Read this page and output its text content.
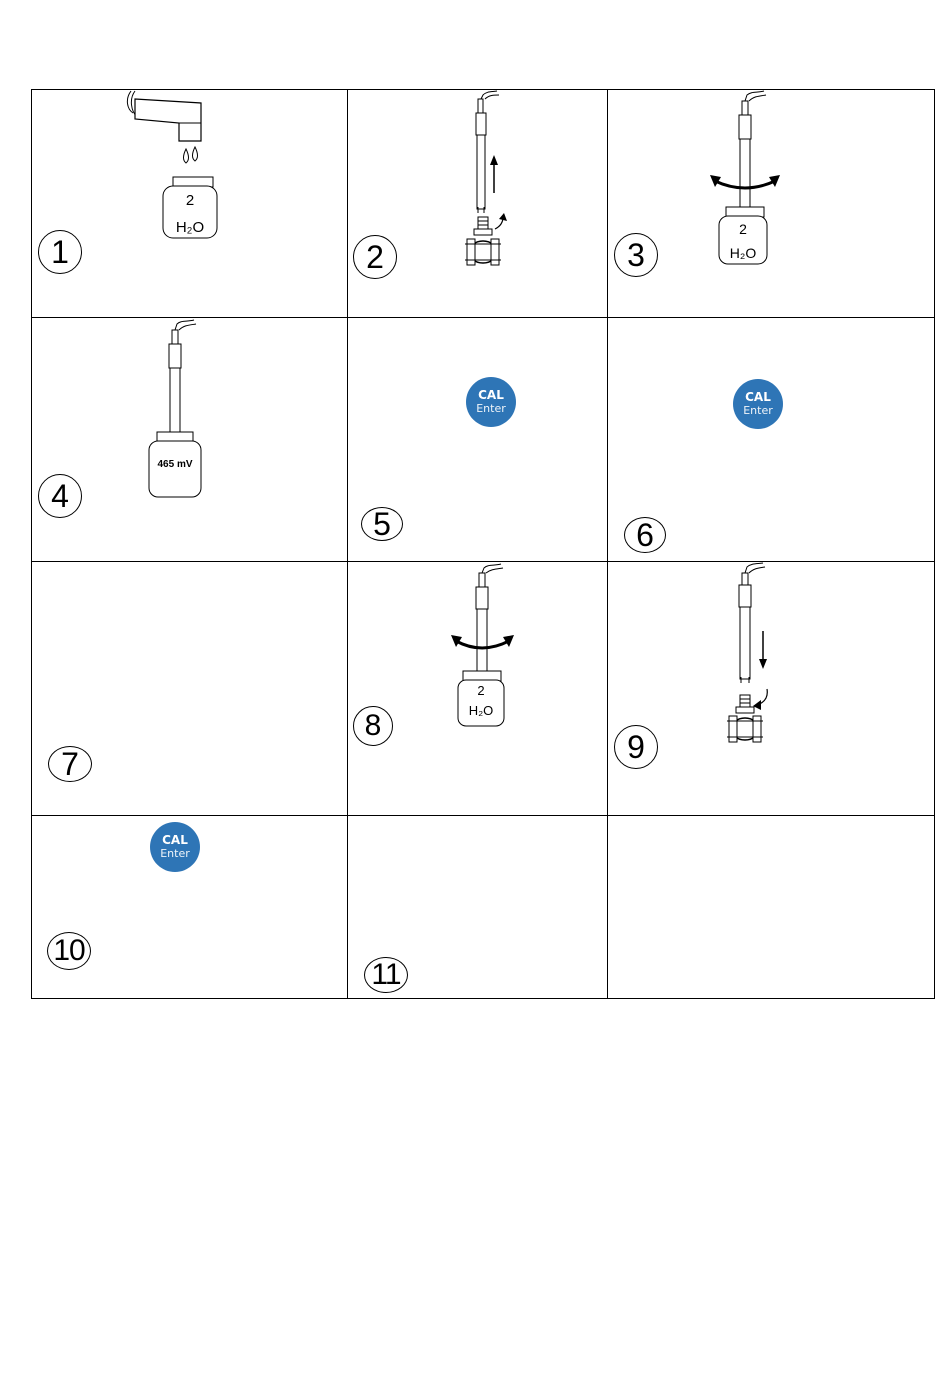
2
H₂O
1	2
2
H₂O
3
465 mV
4
CAL
Enter
5
CAL
Enter
6
7
2
H₂O
8
9
CAL
Enter
10
11
